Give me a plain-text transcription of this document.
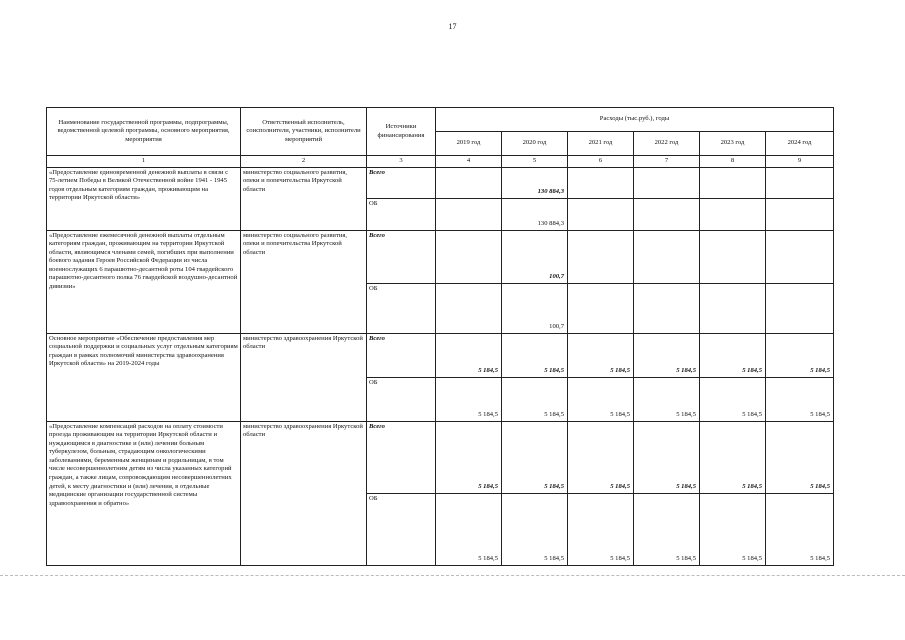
17
Наименование государственной программы, подпрограммы, ведомственной целевой программы, основного мероприятия, мероприятия	Ответственный исполнитель, соисполнители, участники, исполнители мероприятий	Источники финансирования	Расходы (тыс.руб.), годы					
			2019 год	2020 год	2021 год	2022 год	2023 год	2024 год
1	2	3	4	5	6	7	8	9
«Предоставление единовременной денежной выплаты в связи с 75-летием Победы в Великой Отечественной войне 1941 - 1945 годов отдельным категориям граждан, проживающим на территории Иркутской области»	министерство социального развития, опеки и попечительства Иркутской области	Всего		130 884,3				
		ОБ		130 884,3				
«Предоставление ежемесячной денежной выплаты отдельным категориям граждан, проживающим на территории Иркутской области, являющимся членами семей, погибших при выполнении боевого задания Героев Российской Федерации из числа военнослужащих 6 парашютно-десантной роты 104 гвардейского парашютно-десантного полка 76 гвардейской воздушно-десантной дивизии»	министерство социального развития, опеки и попечительства Иркутской области	Всего		100,7				
		ОБ		100,7				
Основное мероприятие «Обеспечение предоставления мер социальной поддержки и социальных услуг отдельным категориям граждан в рамках полномочий министерства здравоохранения Иркутской области» на 2019-2024 годы	министерство здравоохранения Иркутской области	Всего	5 184,5	5 184,5	5 184,5	5 184,5	5 184,5	5 184,5
		ОБ	5 184,5	5 184,5	5 184,5	5 184,5	5 184,5	5 184,5
«Предоставление компенсаций расходов на оплату стоимости проезда проживающим на территории Иркутской области и нуждающимся в диагностике и (или) лечении больным туберкулезом, больным, страдающим онкологическими заболеваниями, беременным женщинам и родильницам, в том числе несовершеннолетним детям из числа указанных категорий граждан, а также лицам, сопровождающим несовершеннолетних детей, к месту диагностики и (или) лечения, в отдельные медицинские организации государственной системы здравоохранения и обратно»	министерство здравоохранения Иркутской области	Всего	5 184,5	5 184,5	5 184,5	5 184,5	5 184,5	5 184,5
		ОБ	5 184,5	5 184,5	5 184,5	5 184,5	5 184,5	5 184,5
